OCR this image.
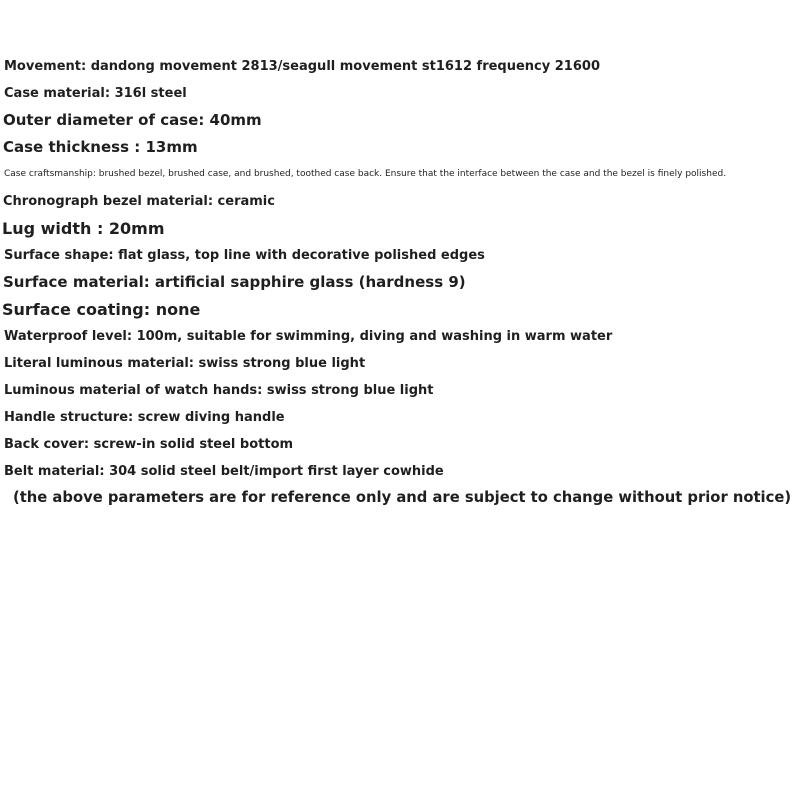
Movement: dandong movement 2813/seagull movement st1612 frequency 21600
Case material: 316l steel
Outer diameter of case: 40mm
Case thickness : 13mm
Case craftsmanship: brushed bezel, brushed case, and brushed, toothed case back. Ensure that the interface between the case and the bezel is finely polished.
Chronograph bezel material: ceramic
Lug width : 20mm
Surface shape: flat glass, top line with decorative polished edges
Surface material: artificial sapphire glass (hardness 9)
Surface coating: none
Waterproof level: 100m, suitable for swimming, diving and washing in warm water
Literal luminous material: swiss strong blue light
Luminous material of watch hands: swiss strong blue light
Handle structure: screw diving handle
Back cover: screw-in solid steel bottom
Belt material: 304 solid steel belt/import first layer cowhide
(the above parameters are for reference only and are subject to change without prior notice)
